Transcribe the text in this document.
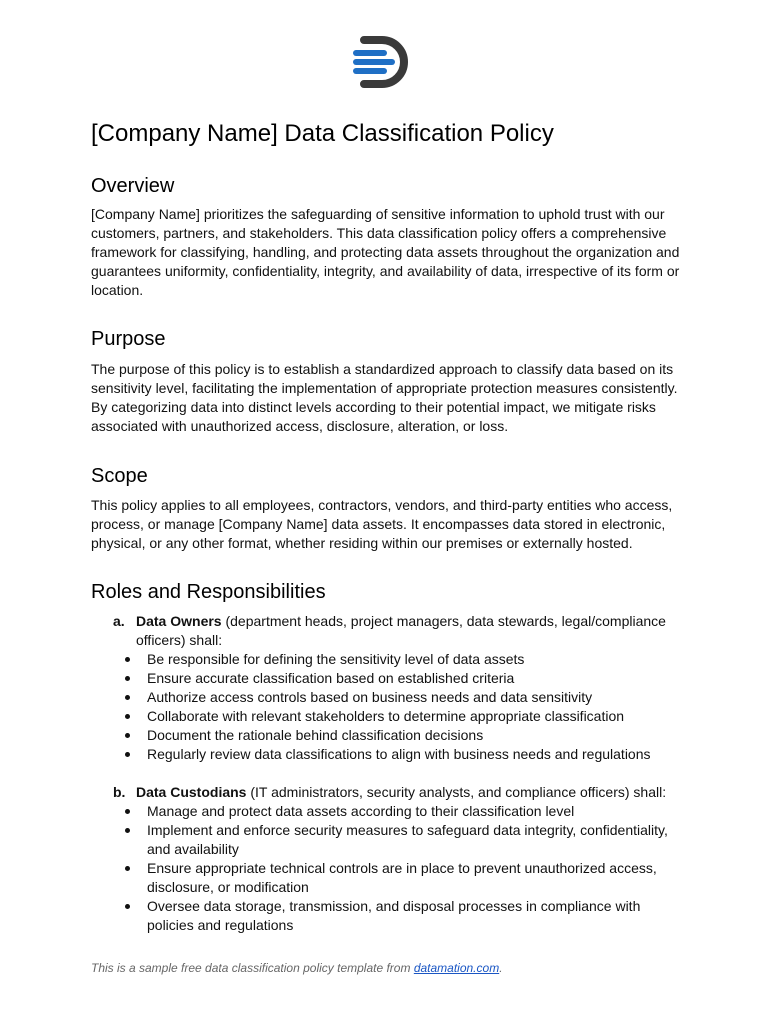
[Company Name] Data Classification Policy
Overview

[Company Name] prioritizes the safeguarding of sensitive information to uphold trust with our customers, partners, and stakeholders. This data classification policy offers a comprehensive framework for classifying, handling, and protecting data assets throughout the organization and guarantees uniformity, confidentiality, integrity, and availability of data, irrespective of its form or location.

Purpose

The purpose of this policy is to establish a standardized approach to classify data based on its sensitivity level, facilitating the implementation of appropriate protection measures consistently. By categorizing data into distinct levels according to their potential impact, we mitigate risks associated with unauthorized access, disclosure, alteration, or loss.

Scope

This policy applies to all employees, contractors, vendors, and third-party entities who access, process, or manage [Company Name] data assets. It encompasses data stored in electronic, physical, or any other format, whether residing within our premises or externally hosted.

Roles and Responsibilities
a. Data Owners (department heads, project managers, data stewards, legal/compliance officers) shall:
Be responsible for defining the sensitivity level of data assets
Ensure accurate classification based on established criteria
Authorize access controls based on business needs and data sensitivity
Collaborate with relevant stakeholders to determine appropriate classification
Document the rationale behind classification decisions
Regularly review data classifications to align with business needs and regulations
b. Data Custodians (IT administrators, security analysts, and compliance officers) shall:
Manage and protect data assets according to their classification level
Implement and enforce security measures to safeguard data integrity, confidentiality, and availability
Ensure appropriate technical controls are in place to prevent unauthorized access, disclosure, or modification
Oversee data storage, transmission, and disposal processes in compliance with policies and regulations
This is a sample free data classification policy template from datamation.com.
